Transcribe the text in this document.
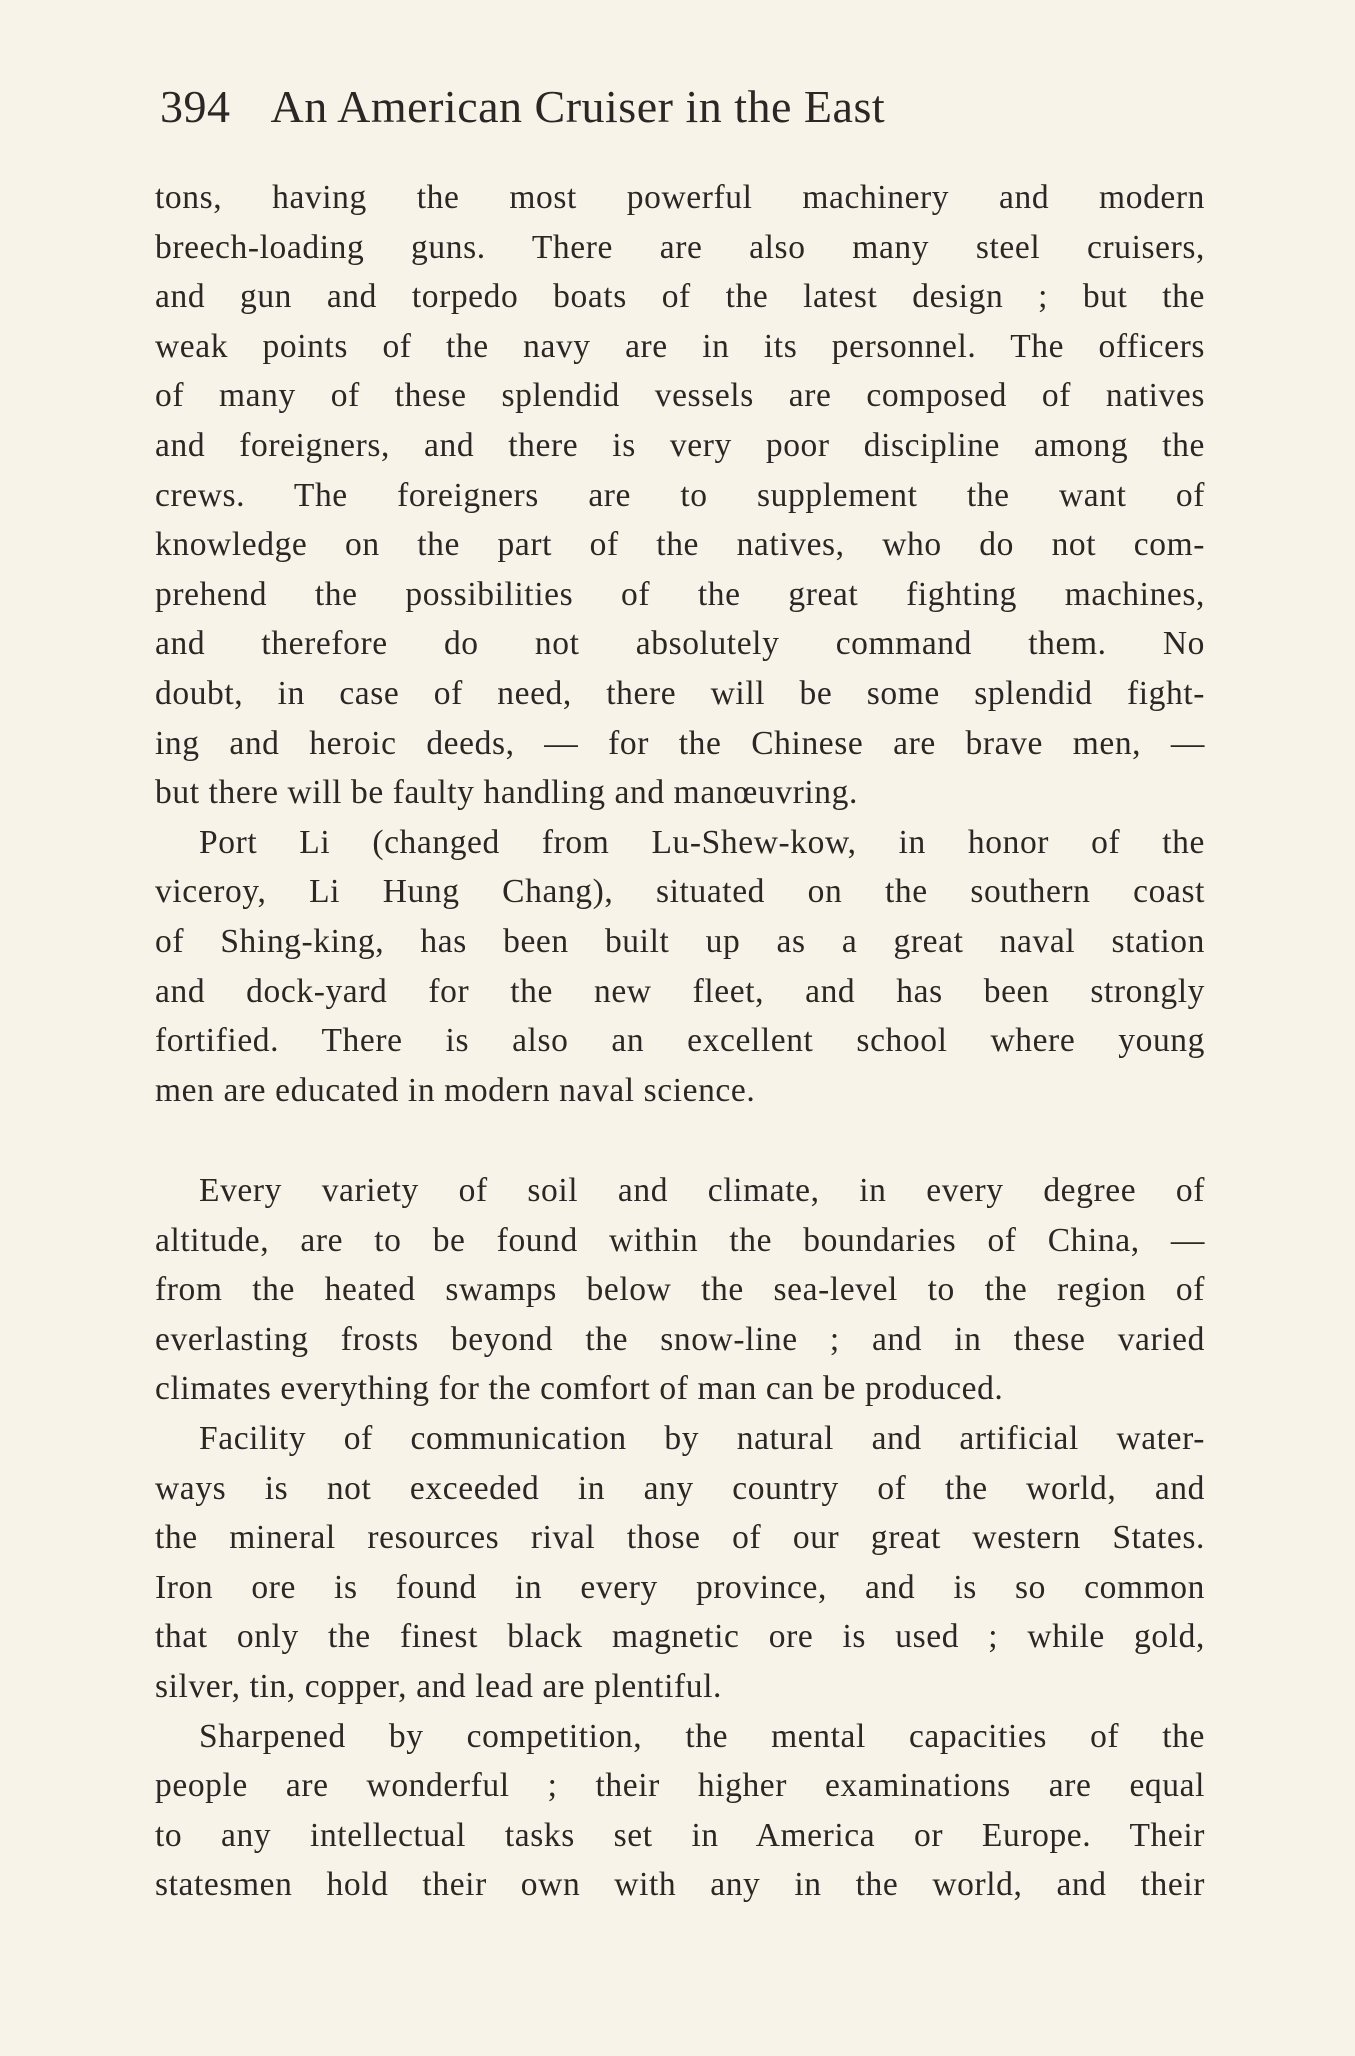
394 An American Cruiser in the East
tons, having the most powerful machinery and modern
breech-loading guns. There are also many steel cruisers,
and gun and torpedo boats of the latest design ; but the
weak points of the navy are in its personnel. The officers
of many of these splendid vessels are composed of natives
and foreigners, and there is very poor discipline among the
crews. The foreigners are to supplement the want of
knowledge on the part of the natives, who do not com-
prehend the possibilities of the great fighting machines,
and therefore do not absolutely command them. No
doubt, in case of need, there will be some splendid fight-
ing and heroic deeds, — for the Chinese are brave men, —
but there will be faulty handling and manœuvring.
Port Li (changed from Lu-Shew-kow, in honor of the
viceroy, Li Hung Chang), situated on the southern coast
of Shing-king, has been built up as a great naval station
and dock-yard for the new fleet, and has been strongly
fortified. There is also an excellent school where young
men are educated in modern naval science.
Every variety of soil and climate, in every degree of
altitude, are to be found within the boundaries of China, —
from the heated swamps below the sea-level to the region of
everlasting frosts beyond the snow-line ; and in these varied
climates everything for the comfort of man can be produced.
Facility of communication by natural and artificial water-
ways is not exceeded in any country of the world, and
the mineral resources rival those of our great western States.
Iron ore is found in every province, and is so common
that only the finest black magnetic ore is used ; while gold,
silver, tin, copper, and lead are plentiful.
Sharpened by competition, the mental capacities of the
people are wonderful ; their higher examinations are equal
to any intellectual tasks set in America or Europe. Their
statesmen hold their own with any in the world, and their
